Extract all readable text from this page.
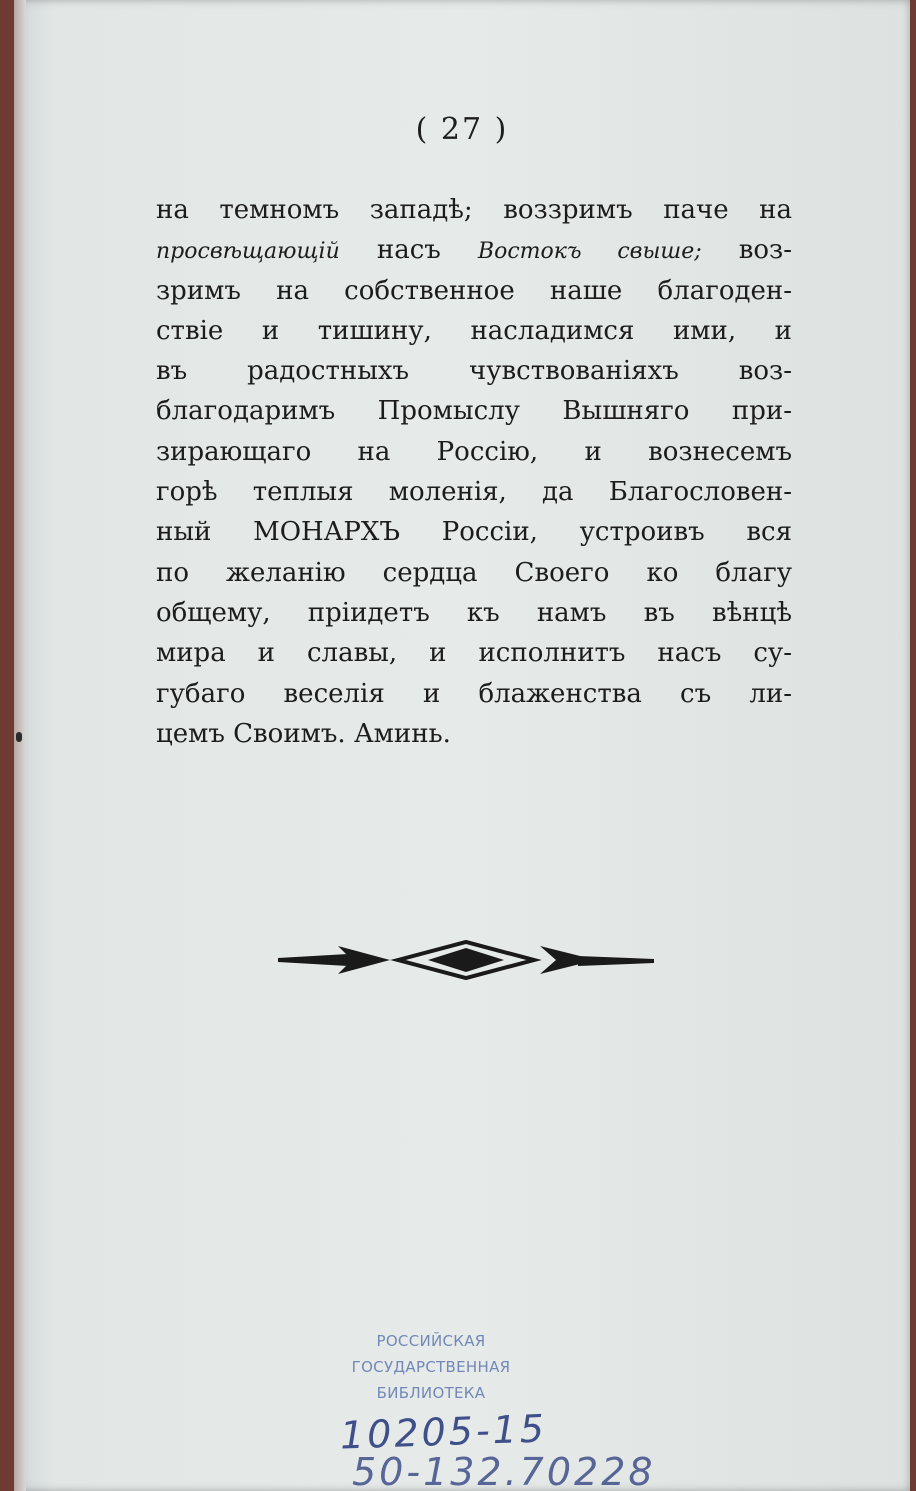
( 27 )
на темномъ западѣ; воззримъ паче на
просвѣщающій насъ Востокъ свыше; воз-
зримъ на собственное наше благоден-
ствіе и тишину, насладимся ими, и
въ радостныхъ чувствованіяхъ воз-
благодаримъ Промыслу Вышняго при-
зирающаго на Россію, и вознесемъ
горѣ теплыя моленія, да Благословен-
ный МОНАРХЪ Россіи, устроивъ вся
по желанію сердца Своего ко благу
общему, пріидетъ къ намъ въ вѣнцѣ
мира и славы, и исполнитъ насъ су-
губаго веселія и блаженства съ ли-
цемъ Своимъ. Аминь.
РОССИЙСКАЯ
ГОСУДАРСТВЕННАЯ
БИБЛИОТЕКА
10205-15
50-132.70228
